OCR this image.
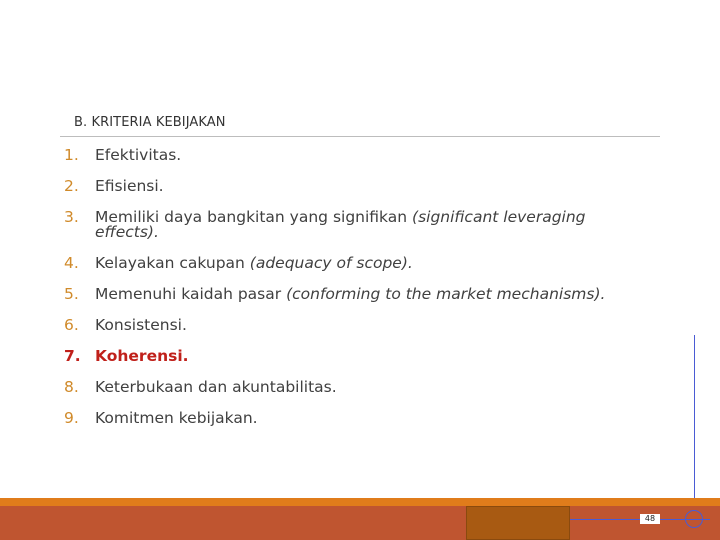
B. KRITERIA KEBIJAKAN
1.	Efektivitas.
2.	Efisiensi.
3.	Memiliki daya bangkitan yang signifikan (significant leveraging effects).
4.	Kelayakan cakupan (adequacy of scope).
5.	Memenuhi kaidah pasar (conforming to the market mechanisms).
6.	Konsistensi.
7. Koherensi.
8.	Keterbukaan dan akuntabilitas.
9.	Komitmen kebijakan.
48
